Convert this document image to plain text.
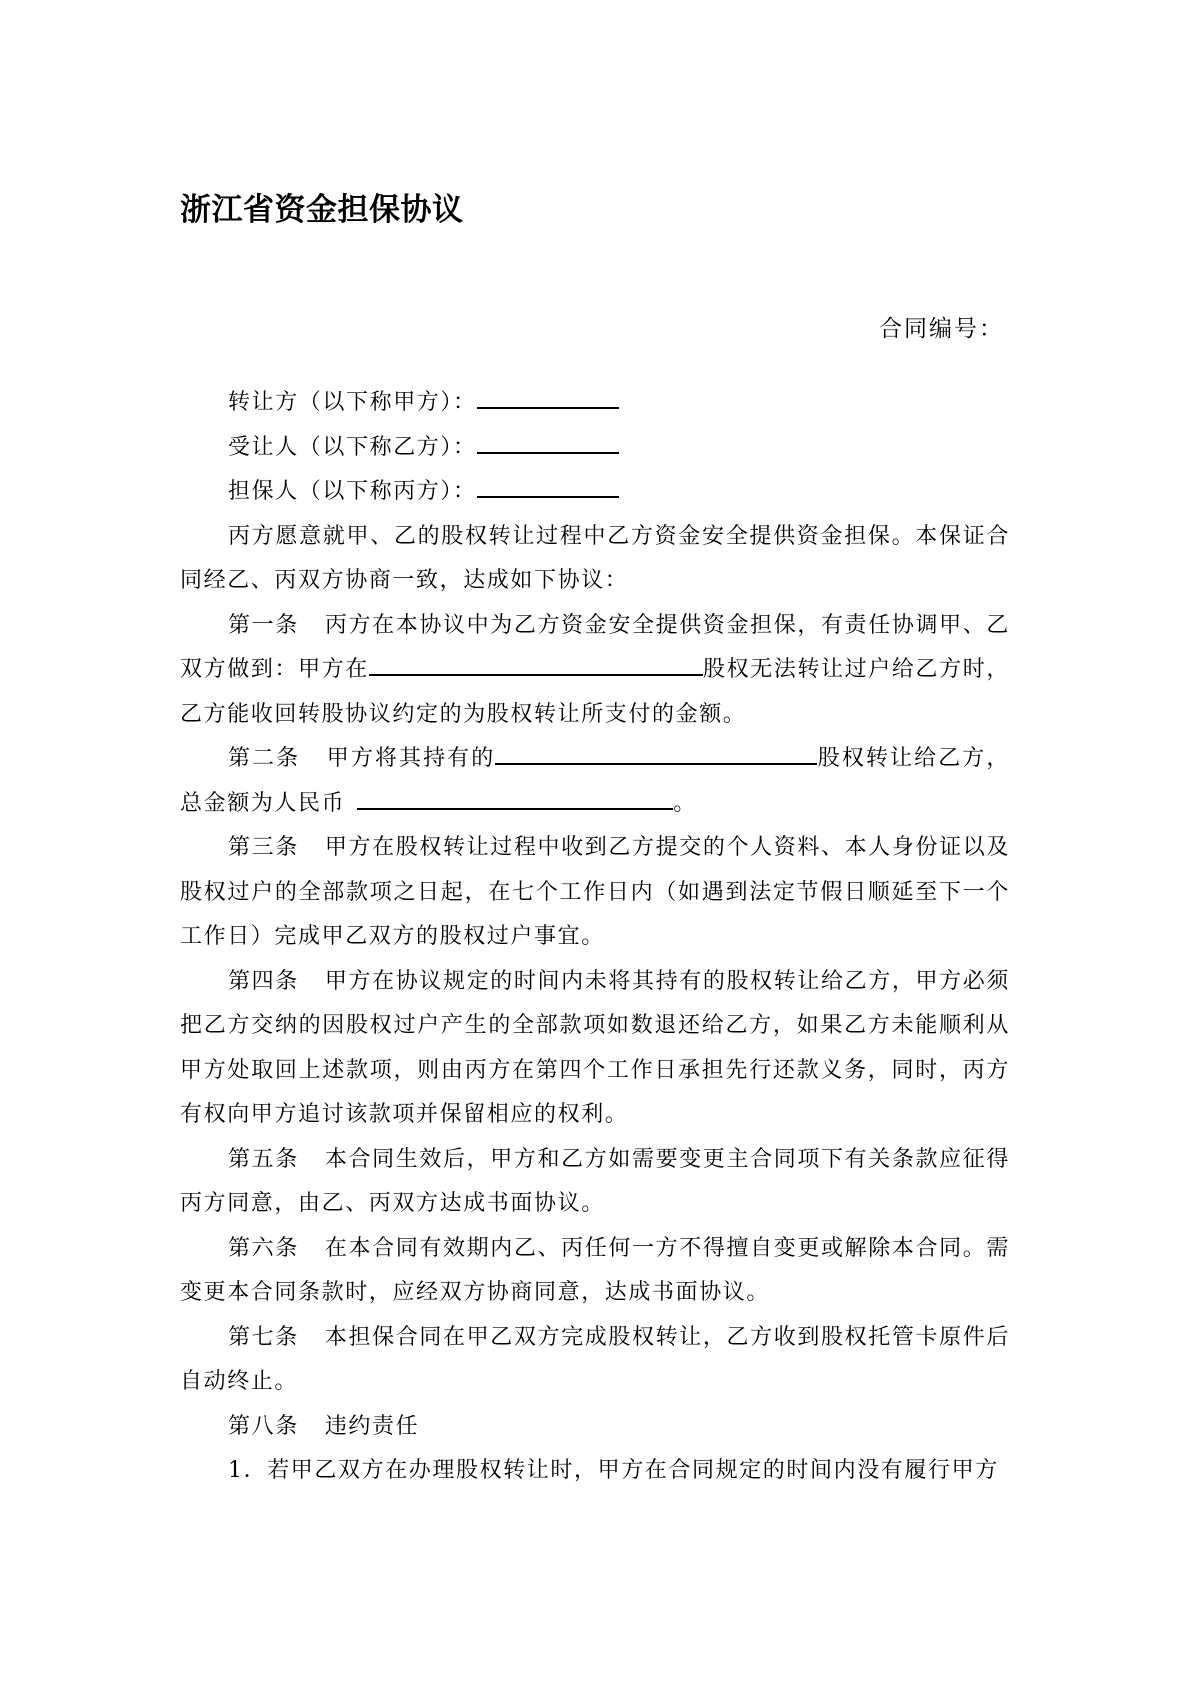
浙江省资金担保协议
合同编号：

转让方（以下称甲方）：

受让人（以下称乙方）：

担保人（以下称丙方）：

丙方愿意就甲、乙的股权转让过程中乙方资金安全提供资金担保。本保证合同经乙、丙双方协商一致，达成如下协议：

第一条 丙方在本协议中为乙方资金安全提供资金担保，有责任协调甲、乙双方做到：甲方在	股权无法转让过户给乙方时，乙方能收回转股协议约定的为股权转让所支付的金额。

第二条 甲方将其持有的	股权转让给乙方，总金额为人民币	。

第三条 甲方在股权转让过程中收到乙方提交的个人资料、本人身份证以及股权过户的全部款项之日起，在七个工作日内（如遇到法定节假日顺延至下一个工作日）完成甲乙双方的股权过户事宜。

第四条 甲方在协议规定的时间内未将其持有的股权转让给乙方，甲方必须把乙方交纳的因股权过户产生的全部款项如数退还给乙方，如果乙方未能顺利从甲方处取回上述款项，则由丙方在第四个工作日承担先行还款义务，同时，丙方有权向甲方追讨该款项并保留相应的权利。

第五条 本合同生效后，甲方和乙方如需要变更主合同项下有关条款应征得丙方同意，由乙、丙双方达成书面协议。

第六条 在本合同有效期内乙、丙任何一方不得擅自变更或解除本合同。需变更本合同条款时，应经双方协商同意，达成书面协议。

第七条 本担保合同在甲乙双方完成股权转让，乙方收到股权托管卡原件后自动终止。

第八条 违约责任

1．若甲乙双方在办理股权转让时，甲方在合同规定的时间内没有履行甲方
